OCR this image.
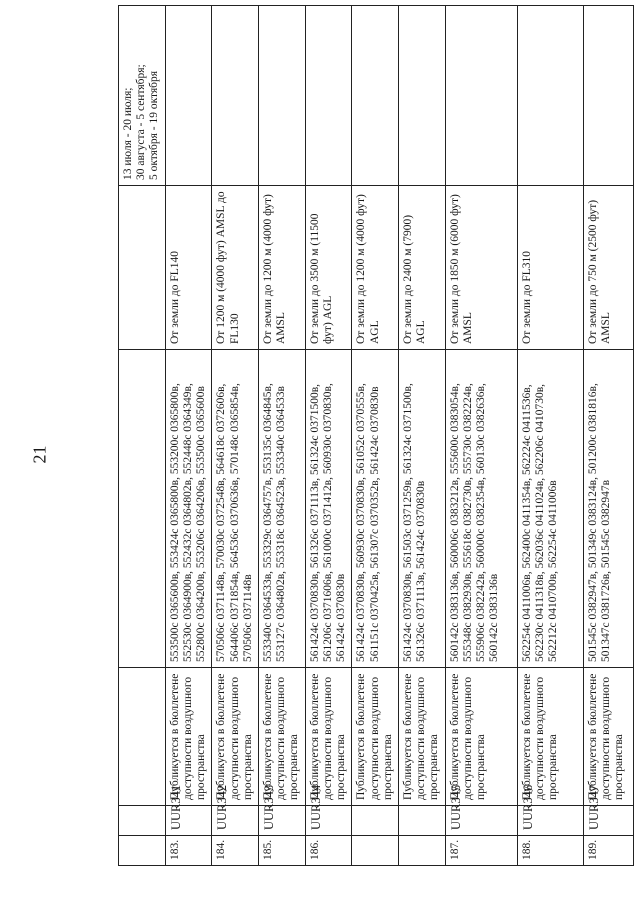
21

					13 июля - 20 июля;
30 августа - 5 сентября;
5 октября - 19 октября

183.	UUR341	Публикуется в бюллетене доступности воздушного пространства	553500с 0365600в, 553424с 0365800в, 553200с 0365800в, 552530с 0364900в, 552432с 0364802в, 552448с 0364349в, 552800с 0364200в, 553206с 0364206в, 553500с 0365600в	От земли до FL140	
184.	UUR342	Публикуется в бюллетене доступности воздушного пространства	570506с 0371148в, 570030с 0372548в, 564618с 0372606в, 564406с 0371854в, 564536с 0370636в, 570148с 0365854в, 570506с 0371148в	От 1200 м (4000 фут) AMSL до FL130	
185.	UUR343	Публикуется в бюллетене доступности воздушного пространства	553340с 0364533в, 553329с 0364757в, 553135с 0364845в, 553127с 0364802в, 553318с 0364523в, 553340с 0364533в	От земли до 1200 м (4000 фут) AMSL	
186.	UUR344	Публикуется в бюллетене доступности воздушного пространства	561424с 0370830в, 561326с 0371113в, 561324с 0371500в, 561206с 0371606в, 561000с 0371412в, 560930с 0370830в, 561424с 0370830в	От земли до 3500 м (11500 фут) AGL	
		Публикуется в бюллетене доступности воздушного пространства	561424с 0370830в, 560930с 0370830в, 561052с 0370555в, 561151с 0370425в, 561307с 0370352в, 561424с 0370830в	От земли до 1200 м (4000 фут) AGL	
		Публикуется в бюллетене доступности воздушного пространства	561424с 0370830в, 561503с 0371259в, 561324с 0371500в, 561326с 0371113в, 561424с 0370830в	От земли до 2400 м (7900) AGL	
187.	UUR345	Публикуется в бюллетене доступности воздушного пространства	560142с 0383136в, 560006с 0383212в, 555600с 0383054в, 555348с 0382930в, 555618с 0382730в, 555730с 0382224в, 555906с 0382242в, 560000с 0382354в, 560130с 0382636в, 560142с 0383136в	От земли до 1850 м (6000 фут) AMSL	
188.	UUR346	Публикуется в бюллетене доступности воздушного пространства	562254с 0411006в, 562400с 0411354в, 562224с 0411536в, 562230с 0411318в, 562036с 0411024в, 562206с 0410730в, 562212с 0410700в, 562254с 0411006в	От земли до FL310	
189.	UUR347	Публикуется в бюллетене доступности воздушного пространства	501545с 0382947в, 501349с 0383124в, 501200с 0381816в, 501347с 0381726в, 501545с 0382947в	От земли до 750 м (2500 фут) AMSL	
